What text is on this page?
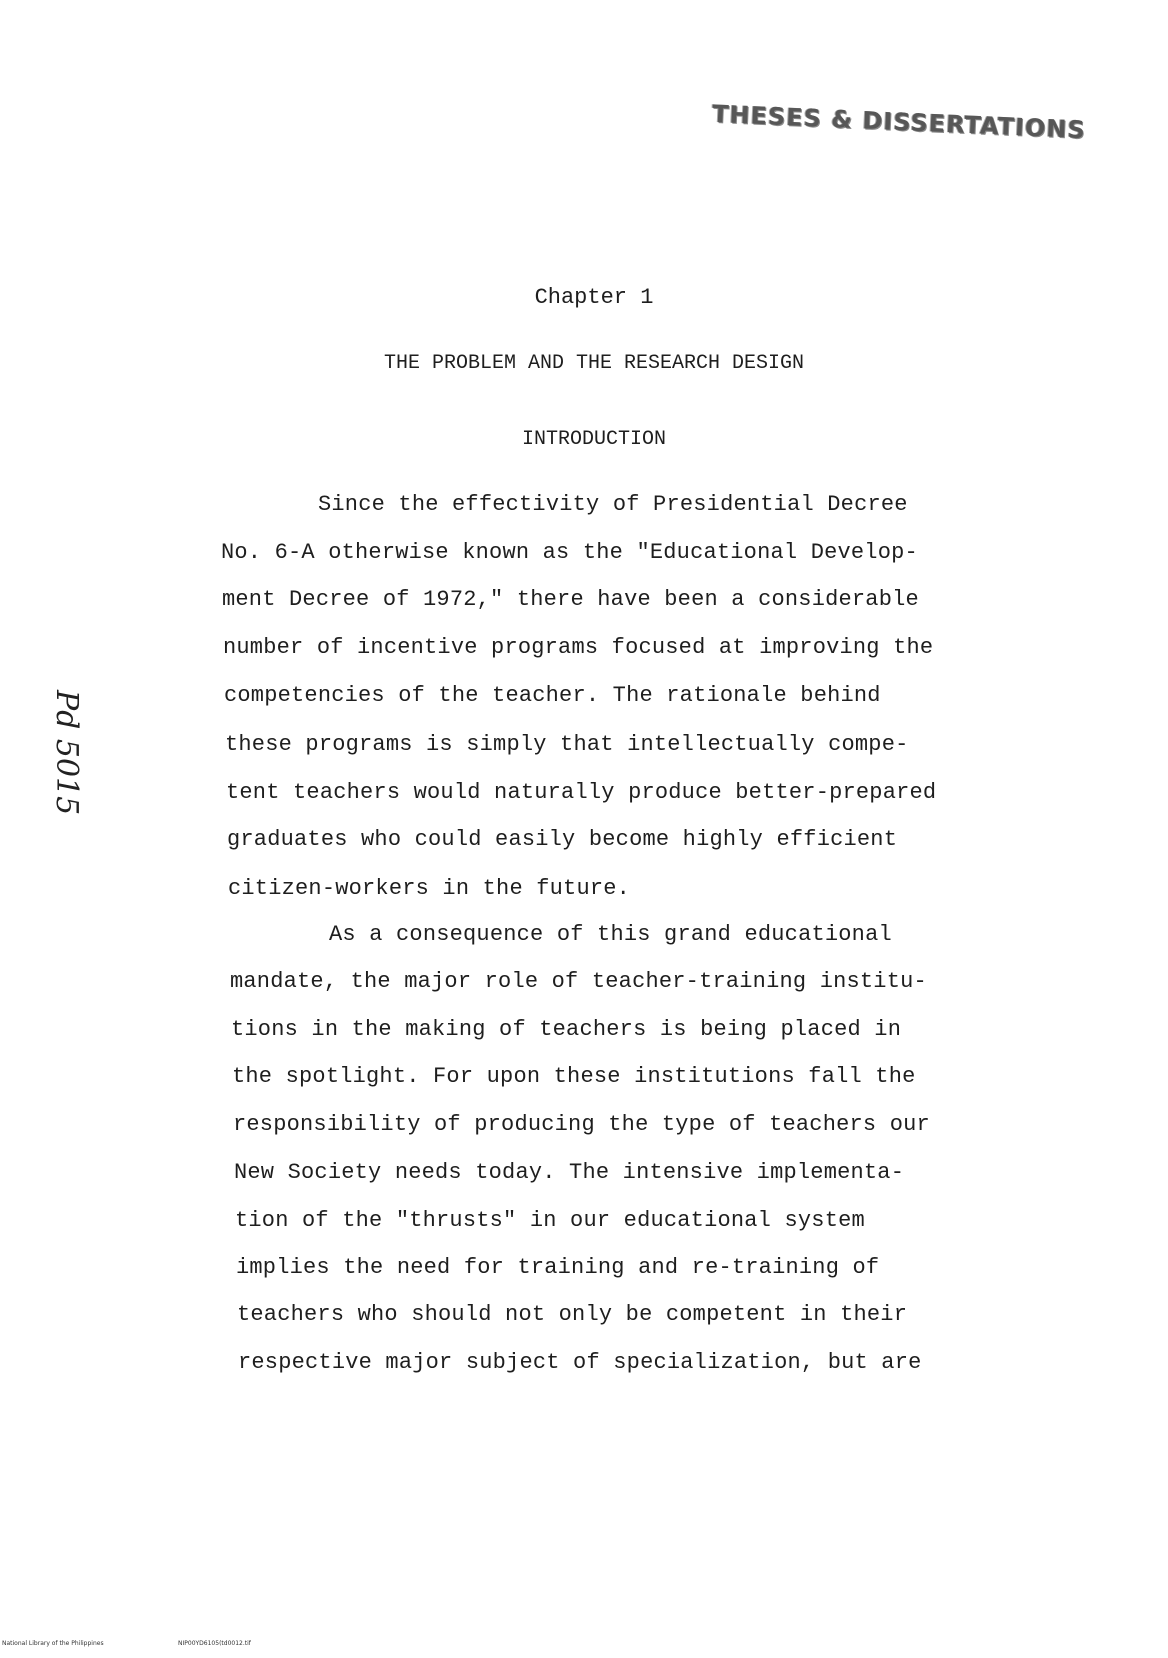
THESES & DISSERTATIONS
Pd 5015
Chapter 1
THE PROBLEM AND THE RESEARCH DESIGN
INTRODUCTION
Since the effectivity of Presidential Decree
No. 6-A otherwise known as the "Educational Develop-
ment Decree of 1972," there have been a considerable
number of incentive programs focused at improving the
competencies of the teacher. The rationale behind
these programs is simply that intellectually compe-
tent teachers would naturally produce better-prepared
graduates who could easily become highly efficient
citizen-workers in the future.
As a consequence of this grand educational
mandate, the major role of teacher-training institu-
tions in the making of teachers is being placed in
the spotlight. For upon these institutions fall the
responsibility of producing the type of teachers our
New Society needs today. The intensive implementa-
tion of the "thrusts" in our educational system
implies the need for training and re-training of
teachers who should not only be competent in their
respective major subject of specialization, but are
National Library of the Philippines	NIP00YD6105(td0012.tif
